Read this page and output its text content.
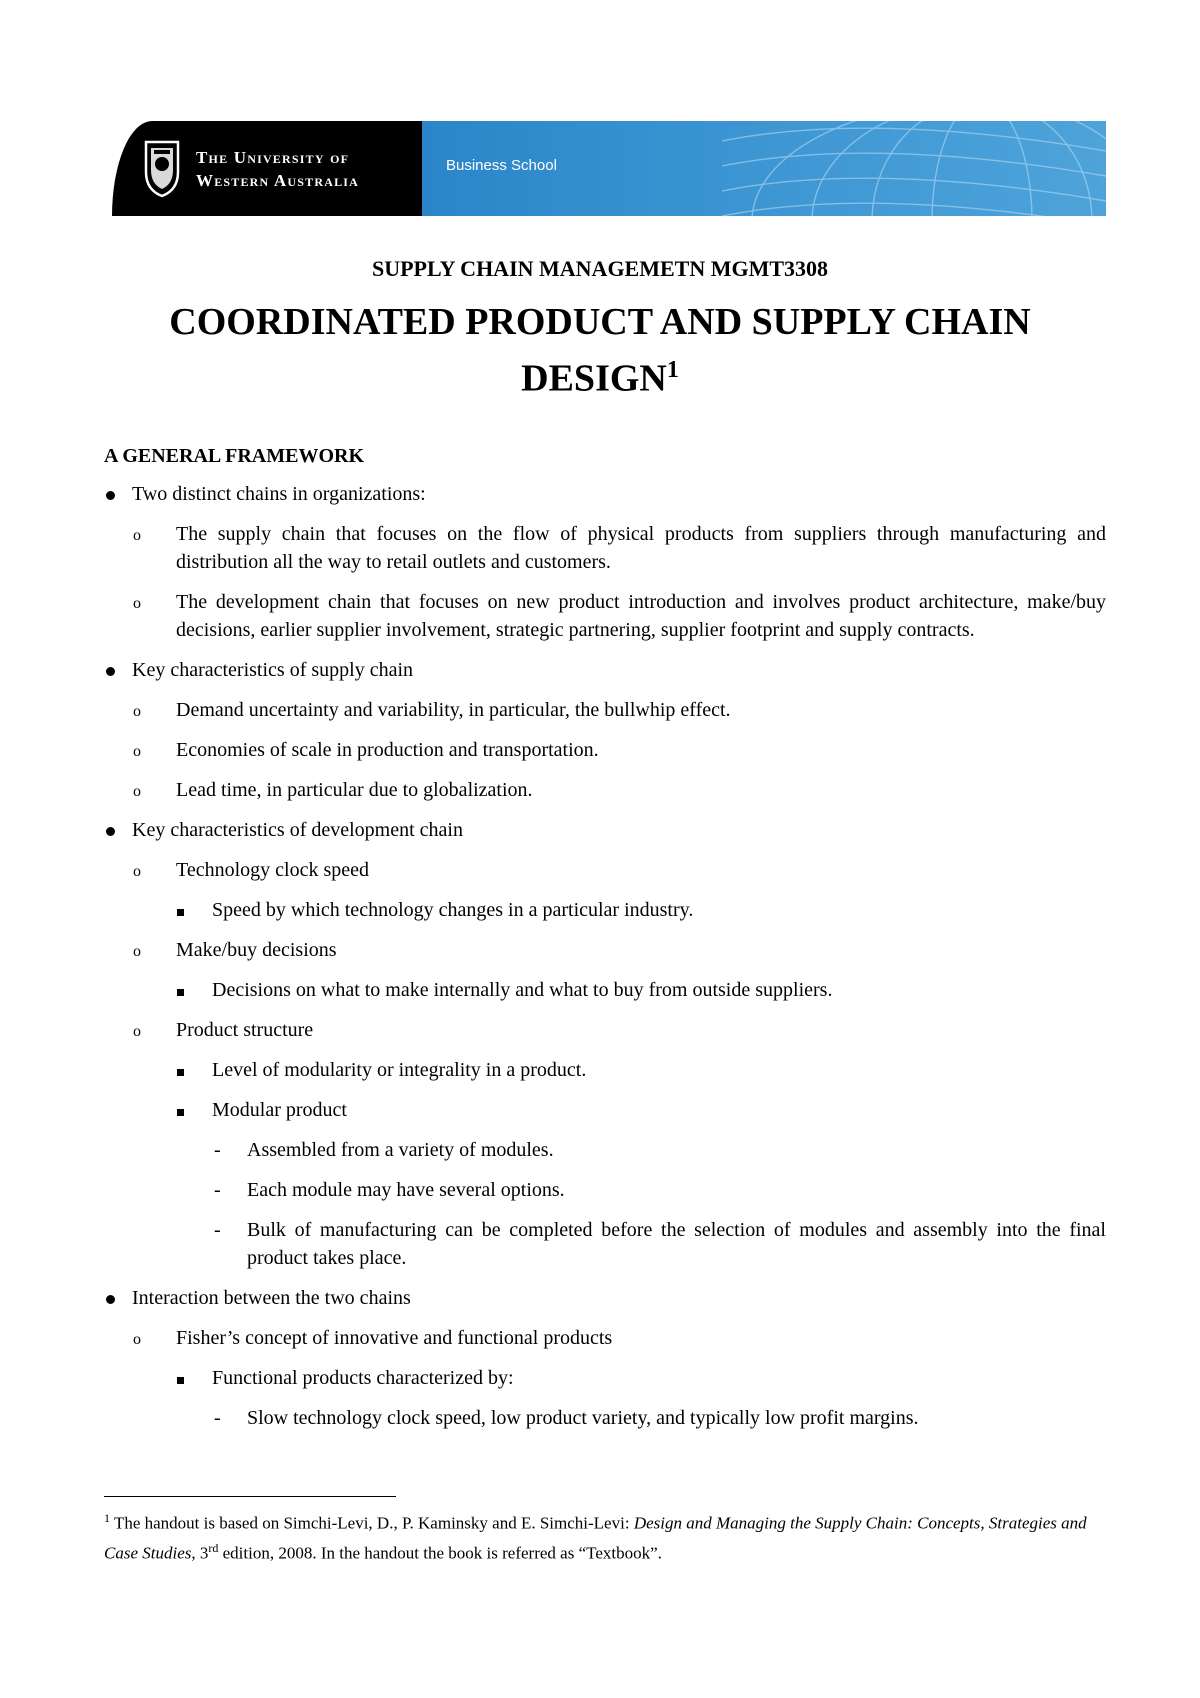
The University of
Western Australia
Business School
SUPPLY CHAIN MANAGEMETN MGMT3308
COORDINATED PRODUCT AND SUPPLY CHAIN
DESIGN$^1$
A GENERAL FRAMEWORK
Two distinct chains in organizations:
o The supply chain that focuses on the flow of physical products from suppliers through manufacturing and distribution all the way to retail outlets and customers.
o The development chain that focuses on new product introduction and involves product architecture, make/buy decisions, earlier supplier involvement, strategic partnering, supplier footprint and supply contracts.
Key characteristics of supply chain
o Demand uncertainty and variability, in particular, the bullwhip effect.
o Economies of scale in production and transportation.
o Lead time, in particular due to globalization.
Key characteristics of development chain
o Technology clock speed
Speed by which technology changes in a particular industry.
o Make/buy decisions
Decisions on what to make internally and what to buy from outside suppliers.
o Product structure
Level of modularity or integrality in a product.
Modular product
- Assembled from a variety of modules.
- Each module may have several options.
- Bulk of manufacturing can be completed before the selection of modules and assembly into the final product takes place.
Interaction between the two chains
o Fisher’s concept of innovative and functional products
Functional products characterized by:
- Slow technology clock speed, low product variety, and typically low profit margins.
$^1$ The handout is based on Simchi-Levi, D., P. Kaminsky and E. Simchi-Levi: Design and Managing the Supply Chain: Concepts, Strategies and Case Studies, 3rd edition, 2008. In the handout the book is referred as “Textbook”.
